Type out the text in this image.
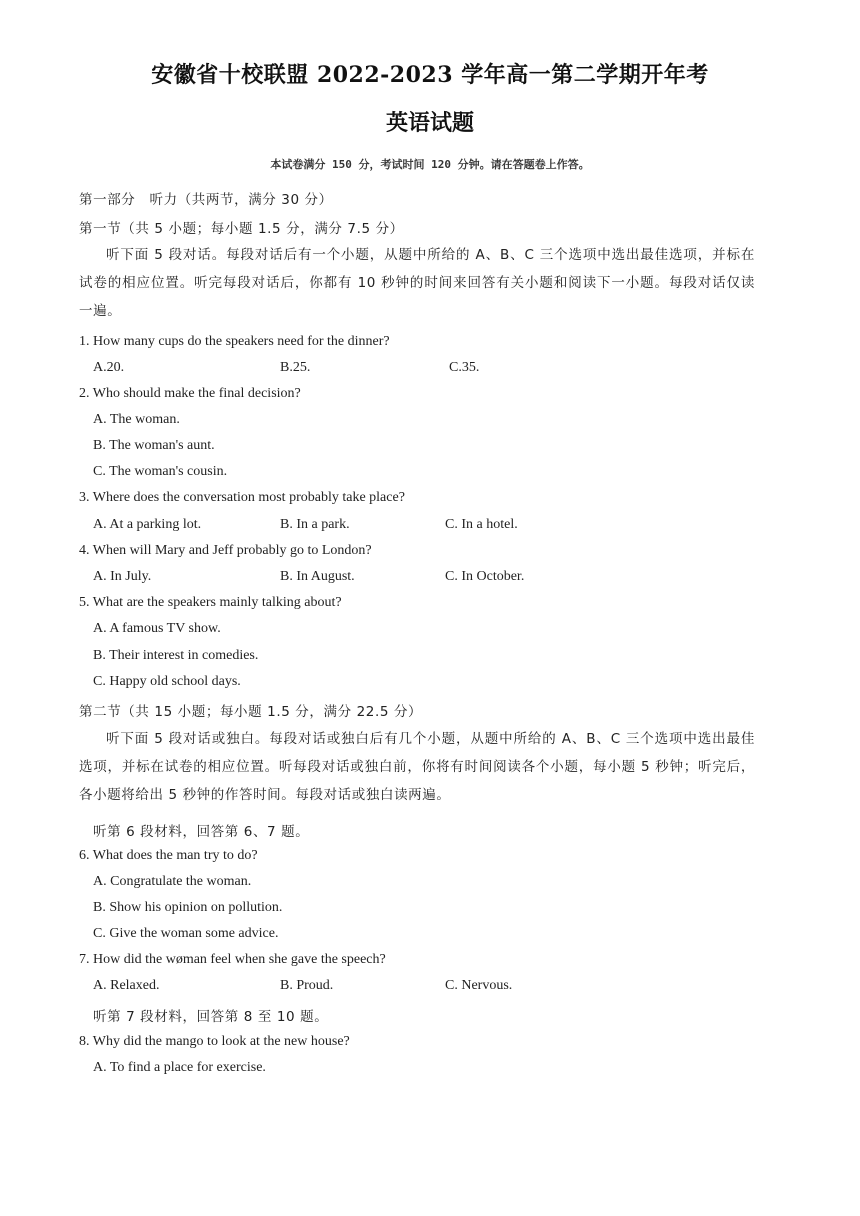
安徽省十校联盟 2022-2023 学年高一第二学期开年考
英语试题
本试卷满分 150 分，考试时间 120 分钟。请在答题卷上作答。
第一部分　听力（共两节，满分 30 分）
第一节（共 5 小题；每小题 1.5 分，满分 7.5 分）
听下面 5 段对话。每段对话后有一个小题，从题中所给的 A、B、C 三个选项中选出最佳选项，并标在试卷的相应位置。听完每段对话后，你都有 10 秒钟的时间来回答有关小题和阅读下一小题。每段对话仅读一遍。
1. How many cups do the speakers need for the dinner?
A.20.	B.25.	C.35.
2. Who should make the final decision?
A. The woman.
B. The woman's aunt.
C. The woman's cousin.
3. Where does the conversation most probably take place?
A. At a parking lot.	B. In a park.	C. In a hotel.
4. When will Mary and Jeff probably go to London?
A. In July.	B. In August.	C. In October.
5. What are the speakers mainly talking about?
A. A famous TV show.
B. Their interest in comedies.
C. Happy old school days.
第二节（共 15 小题；每小题 1.5 分，满分 22.5 分）
听下面 5 段对话或独白。每段对话或独白后有几个小题，从题中所给的 A、B、C 三个选项中选出最佳选项，并标在试卷的相应位置。听每段对话或独白前，你将有时间阅读各个小题，每小题 5 秒钟；听完后，各小题将给出 5 秒钟的作答时间。每段对话或独白读两遍。
听第 6 段材料，回答第 6、7 题。
6. What does the man try to do?
A. Congratulate the woman.
B. Show his opinion on pollution.
C. Give the woman some advice.
7. How did the wøman feel when she gave the speech?
A. Relaxed.	B. Proud.	C. Nervous.
听第 7 段材料，回答第 8 至 10 题。
8. Why did the mango to look at the new house?
A. To find a place for exercise.
